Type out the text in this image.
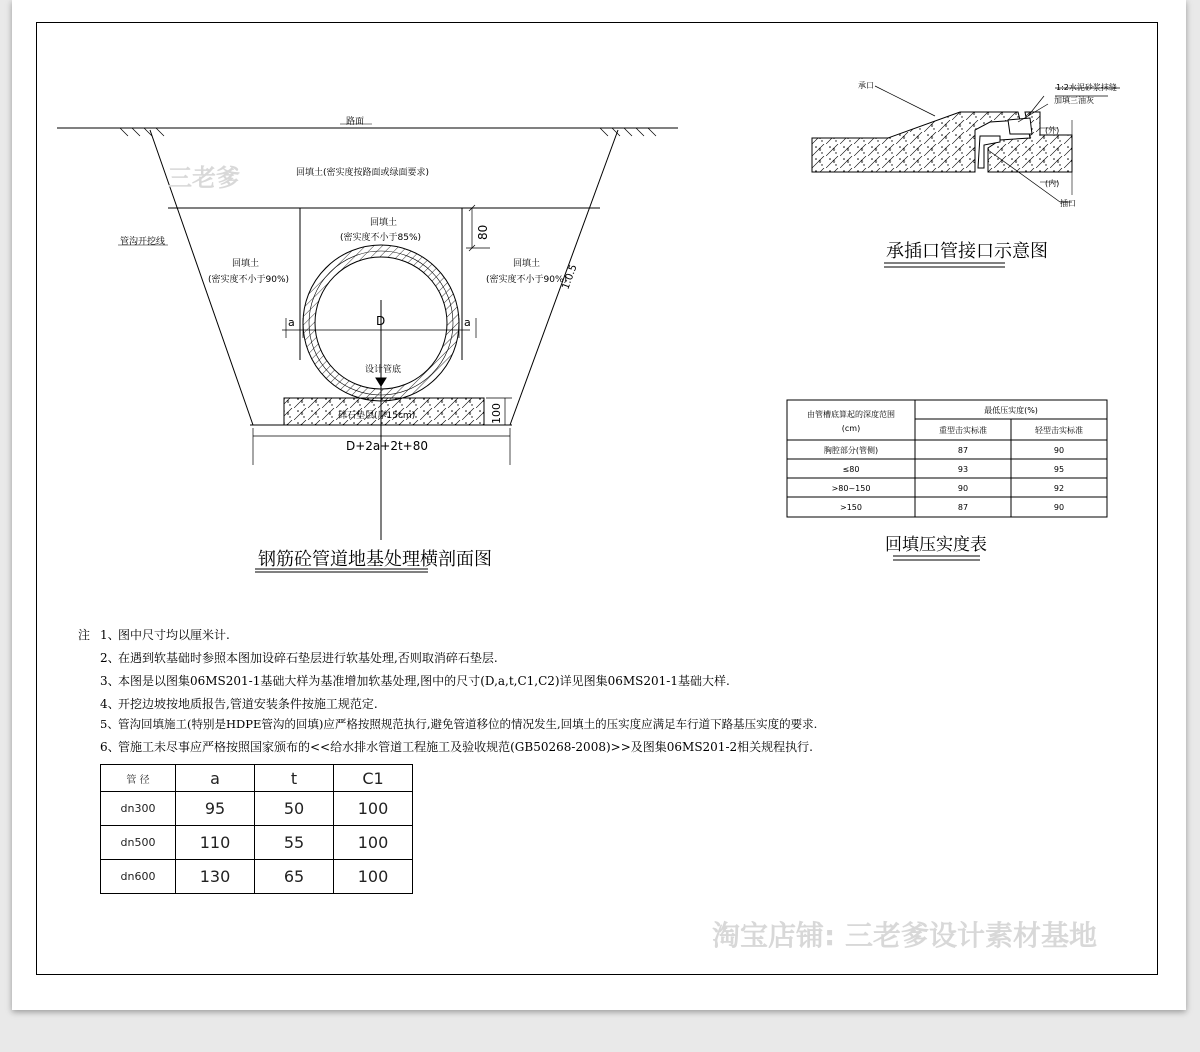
路面
回填土(密实度按路面或绿面要求)
管沟开挖线
回填土
(密实度不小于90%)
回填土
(密实度不小于85%)
回填土
(密实度不小于90%)
设计管底
碎石垫层(厚15cm)
a	a
D
80
100
1:0.5
D+2a+2t+80
钢筋砼管道地基处理横剖面图
三老爹
承口	1:2水泥砂浆抹缝
加填三油灰
(外)
(内)
插口
承插口管接口示意图
由管槽底算起的深度范围
(cm)
最低压实度(%)
重型击实标准	轻型击实标准
胸腔部分(管侧)	87	90
≤80	93	95
>80~150	90	92
>150	87	90
回填压实度表
淘宝店铺: 三老爹设计素材基地
注 1、图中尺寸均以厘米计.
2、在遇到软基础时参照本图加设碎石垫层进行软基处理,否则取消碎石垫层.
3、本图是以图集06MS201-1基础大样为基准增加软基处理,图中的尺寸(D,a,t,C1,C2)详见图集06MS201-1基础大样.
4、开挖边坡按地质报告,管道安装条件按施工规范定.
5、管沟回填施工(特别是HDPE管沟的回填)应严格按照规范执行,避免管道移位的情况发生,回填土的压实度应满足车行道下路基压实度的要求.
6、管施工未尽事应严格按照国家颁布的<<给水排水管道工程施工及验收规范(GB50268-2008)>>及图集06MS201-2相关规程执行.
管 径	a	t	C1
dn300	95	50	100
dn500	110	55	100
dn600	130	65	100
